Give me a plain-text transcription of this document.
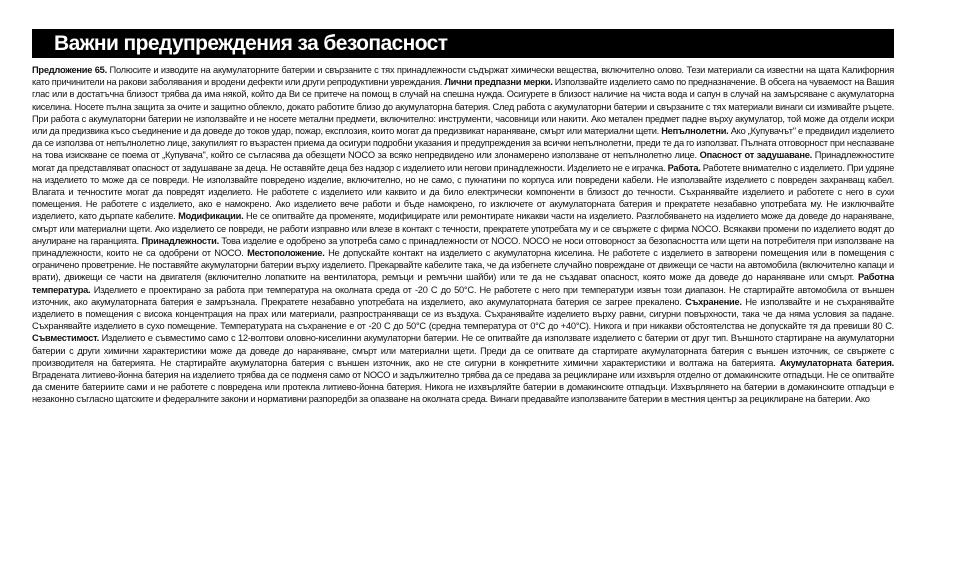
Важни предупреждения за безопасност
Предложение 65. Полюсите и изводите на акумулаторните батерии и свързаните с тях принадлежности съдържат химически вещества, включително олово. Тези материали са известни на щата Калифорния като причинители на ракови заболявания и вродени дефекти или други репродуктивни увреждания. Лични предпазни мерки. Използвайте изделието само по предназначение. В обсега на чуваемост на Вашия глас или в достатъчна близост трябва да има някой, който да Ви се притече на помощ в случай на спешна нужда. Осигурете в близост наличие на чиста вода и сапун в случай на замърсяване с акумулаторна киселина. Носете пълна защита за очите и защитно облекло, докато работите близо до акумулаторна батерия. След работа с акумулаторни батерии и свързаните с тях материали винаги си измивайте ръцете. При работа с акумулаторни батерии не използвайте и не носете метални предмети, включително: инструменти, часовници или накити. Ако метален предмет падне върху акумулатор, той може да отдели искри или да предизвика късо съединение и да доведе до токов удар, пожар, експлозия, които могат да предизвикат нараняване, смърт или материални щети. Непълнолетни. Ако „Купувачът" е предвидил изделието да се използва от непълнолетно лице, закупилият го възрастен приема да осигури подробни указания и предупреждения за всички непълнолетни, преди те да го използват. Пълната отговорност при неспазване на това изискване се поема от „Купувача", който се съгласява да обезщети NOCO за всяко непредвидено или злонамерено използване от непълнолетно лице. Опасност от задушаване. Принадлежностите могат да представляват опасност от задушаване за деца. Не оставяйте деца без надзор с изделието или негови принадлежности. Изделието не е играчка. Работа. Работете внимателно с изделието. При удряне на изделието то може да се повреди. Не използвайте повредено изделие, включително, но не само, с пукнатини по корпуса или повредени кабели. Не използвайте изделието с повреден захранващ кабел. Влагата и течностите могат да повредят изделието. Не работете с изделието или каквито и да било електрически компоненти в близост до течности. Съхранявайте изделието и работете с него в сухи помещения. Не работете с изделието, ако е намокрено. Ако изделието вече работи и бъде намокрено, го изключете от акумулаторната батерия и прекратете незабавно употребата му. Не изключвайте изделието, като дърпате кабелите. Модификации. Не се опитвайте да променяте, модифицирате или ремонтирате никакви части на изделието. Разглобяването на изделието може да доведе до нараняване, смърт или материални щети. Ако изделието се повреди, не работи изправно или влезе в контакт с течности, прекратете употребата му и се свържете с фирма NOCO. Всякакви промени по изделието водят до анулиране на гаранцията. Принадлежности. Това изделие е одобрено за употреба само с принадлежности от NOCO. NOCO не носи отговорност за безопасността или щети на потребителя при използване на принадлежности, които не са одобрени от NOCO. Местоположение. Не допускайте контакт на изделието с акумулаторна киселина. Не работете с изделието в затворени помещения или в помещения с ограничено проветрение. Не поставяйте акумулаторни батерии върху изделието. Прекарвайте кабелите така, че да избегнете случайно повреждане от движещи се части на автомобила (включително капаци и врати), движещи се части на двигателя (включително лопатките на вентилатора, ремъци и ремъчни шайби) или те да не създават опасност, която може да доведе до нараняване или смърт. Работна температура. Изделието е проектирано за работа при температура на околната среда от -20 С до 50°С. Не работете с него при температури извън този диапазон. Не стартирайте автомобила от външен източник, ако акумулаторната батерия е замръзнала. Прекратете незабавно употребата на изделието, ако акумулаторната батерия се загрее прекалено. Съхранение. Не използвайте и не съхранявайте изделието в помещения с висока концентрация на прах или материали, разпространяващи се из въздуха. Съхранявайте изделието върху равни, сигурни повърхности, така че да няма условия за падане. Съхранявайте изделието в сухо помещение. Температурата на съхранение е от -20 С до 50°С (средна температура от 0°С до +40°С). Никога и при никакви обстоятелства не допускайте тя да превиши 80 С. Съвместимост. Изделието е съвместимо само с 12-волтови оловно-киселинни акумулаторни батерии. Не се опитвайте да използвате изделието с батерии от друг тип. Външното стартиране на акумулаторни батерии с други химични характеристики може да доведе до нараняване, смърт или материални щети. Преди да се опитвате да стартирате акумулаторната батерия с външен източник, се свържете с производителя на батерията. Не стартирайте акумулаторна батерия с външен източник, ако не сте сигурни в конкретните химични характеристики и волтажа на батерията. Акумулаторната батерия. Вградената литиево-йонна батерия на изделието трябва да се подменя само от NOCO и задължително трябва да се предава за рециклиране или изхвърля отделно от домакинските отпадъци. Не се опитвайте да смените батериите сами и не работете с повредена или протекла литиево-йонна батерия. Никога не изхвърляйте батерии в домакинските отпадъци. Изхвърлянето на батерии в домакинските отпадъци е незаконно съгласно щатските и федералните закони и нормативни разпоредби за опазване на околната среда. Винаги предавайте използваните батерии в местния център за рециклиране на батерии. Ако
